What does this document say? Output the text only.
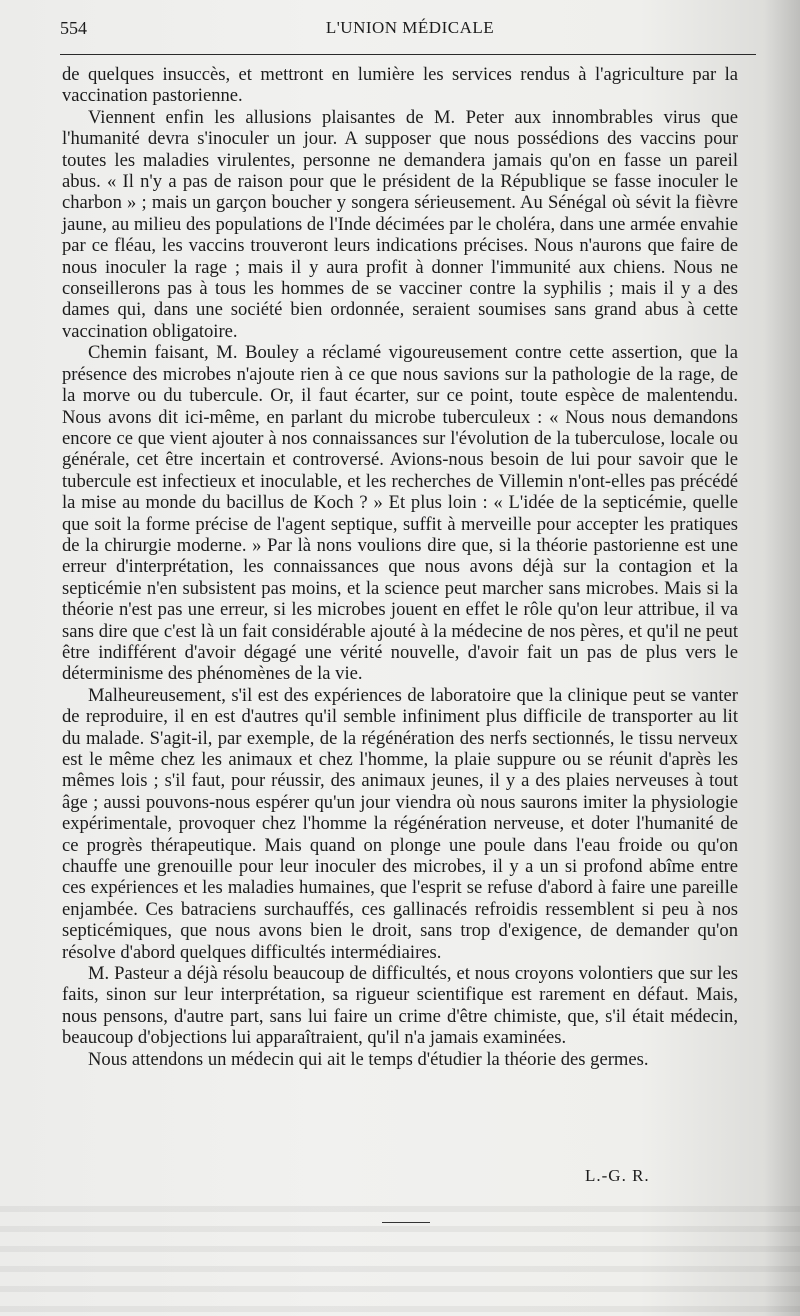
554	L'UNION MÉDICALE

de quelques insuccès, et mettront en lumière les services rendus à l'agriculture par la vaccination pastorienne.

Viennent enfin les allusions plaisantes de M. Peter aux innombrables virus que l'humanité devra s'inoculer un jour. A supposer que nous possédions des vaccins pour toutes les maladies virulentes, personne ne demandera jamais qu'on en fasse un pareil abus. « Il n'y a pas de raison pour que le président de la République se fasse inoculer le charbon » ; mais un garçon boucher y songera sérieusement. Au Sénégal où sévit la fièvre jaune, au milieu des populations de l'Inde décimées par le choléra, dans une armée envahie par ce fléau, les vaccins trouveront leurs indications précises. Nous n'aurons que faire de nous inoculer la rage ; mais il y aura profit à donner l'immunité aux chiens. Nous ne conseillerons pas à tous les hommes de se vacciner contre la syphilis ; mais il y a des dames qui, dans une société bien ordonnée, seraient soumises sans grand abus à cette vaccination obligatoire.

Chemin faisant, M. Bouley a réclamé vigoureusement contre cette assertion, que la présence des microbes n'ajoute rien à ce que nous savions sur la pathologie de la rage, de la morve ou du tubercule. Or, il faut écarter, sur ce point, toute espèce de malentendu. Nous avons dit ici-même, en parlant du microbe tuberculeux : « Nous nous demandons encore ce que vient ajouter à nos connaissances sur l'évolution de la tuberculose, locale ou générale, cet être incertain et controversé. Avions-nous besoin de lui pour savoir que le tubercule est infectieux et inoculable, et les recherches de Villemin n'ont-elles pas précédé la mise au monde du bacillus de Koch ? » Et plus loin : « L'idée de la septicémie, quelle que soit la forme précise de l'agent septique, suffit à merveille pour accepter les pratiques de la chirurgie moderne. » Par là nons voulions dire que, si la théorie pastorienne est une erreur d'interprétation, les connaissances que nous avons déjà sur la contagion et la septicémie n'en subsistent pas moins, et la science peut marcher sans microbes. Mais si la théorie n'est pas une erreur, si les microbes jouent en effet le rôle qu'on leur attribue, il va sans dire que c'est là un fait considérable ajouté à la médecine de nos pères, et qu'il ne peut être indifférent d'avoir dégagé une vérité nouvelle, d'avoir fait un pas de plus vers le déterminisme des phénomènes de la vie.

Malheureusement, s'il est des expériences de laboratoire que la clinique peut se vanter de reproduire, il en est d'autres qu'il semble infiniment plus difficile de transporter au lit du malade. S'agit-il, par exemple, de la régénération des nerfs sectionnés, le tissu nerveux est le même chez les animaux et chez l'homme, la plaie suppure ou se réunit d'après les mêmes lois ; s'il faut, pour réussir, des animaux jeunes, il y a des plaies nerveuses à tout âge ; aussi pouvons-nous espérer qu'un jour viendra où nous saurons imiter la physiologie expérimentale, provoquer chez l'homme la régénération nerveuse, et doter l'humanité de ce progrès thérapeutique. Mais quand on plonge une poule dans l'eau froide ou qu'on chauffe une grenouille pour leur inoculer des microbes, il y a un si profond abîme entre ces expériences et les maladies humaines, que l'esprit se refuse d'abord à faire une pareille enjambée. Ces batraciens surchauffés, ces gallinacés refroidis ressemblent si peu à nos septicémiques, que nous avons bien le droit, sans trop d'exigence, de demander qu'on résolve d'abord quelques difficultés intermédiaires.

M. Pasteur a déjà résolu beaucoup de difficultés, et nous croyons volontiers que sur les faits, sinon sur leur interprétation, sa rigueur scientifique est rarement en défaut. Mais, nous pensons, d'autre part, sans lui faire un crime d'être chimiste, que, s'il était médecin, beaucoup d'objections lui apparaîtraient, qu'il n'a jamais examinées.

Nous attendons un médecin qui ait le temps d'étudier la théorie des germes.

L.-G. R.
